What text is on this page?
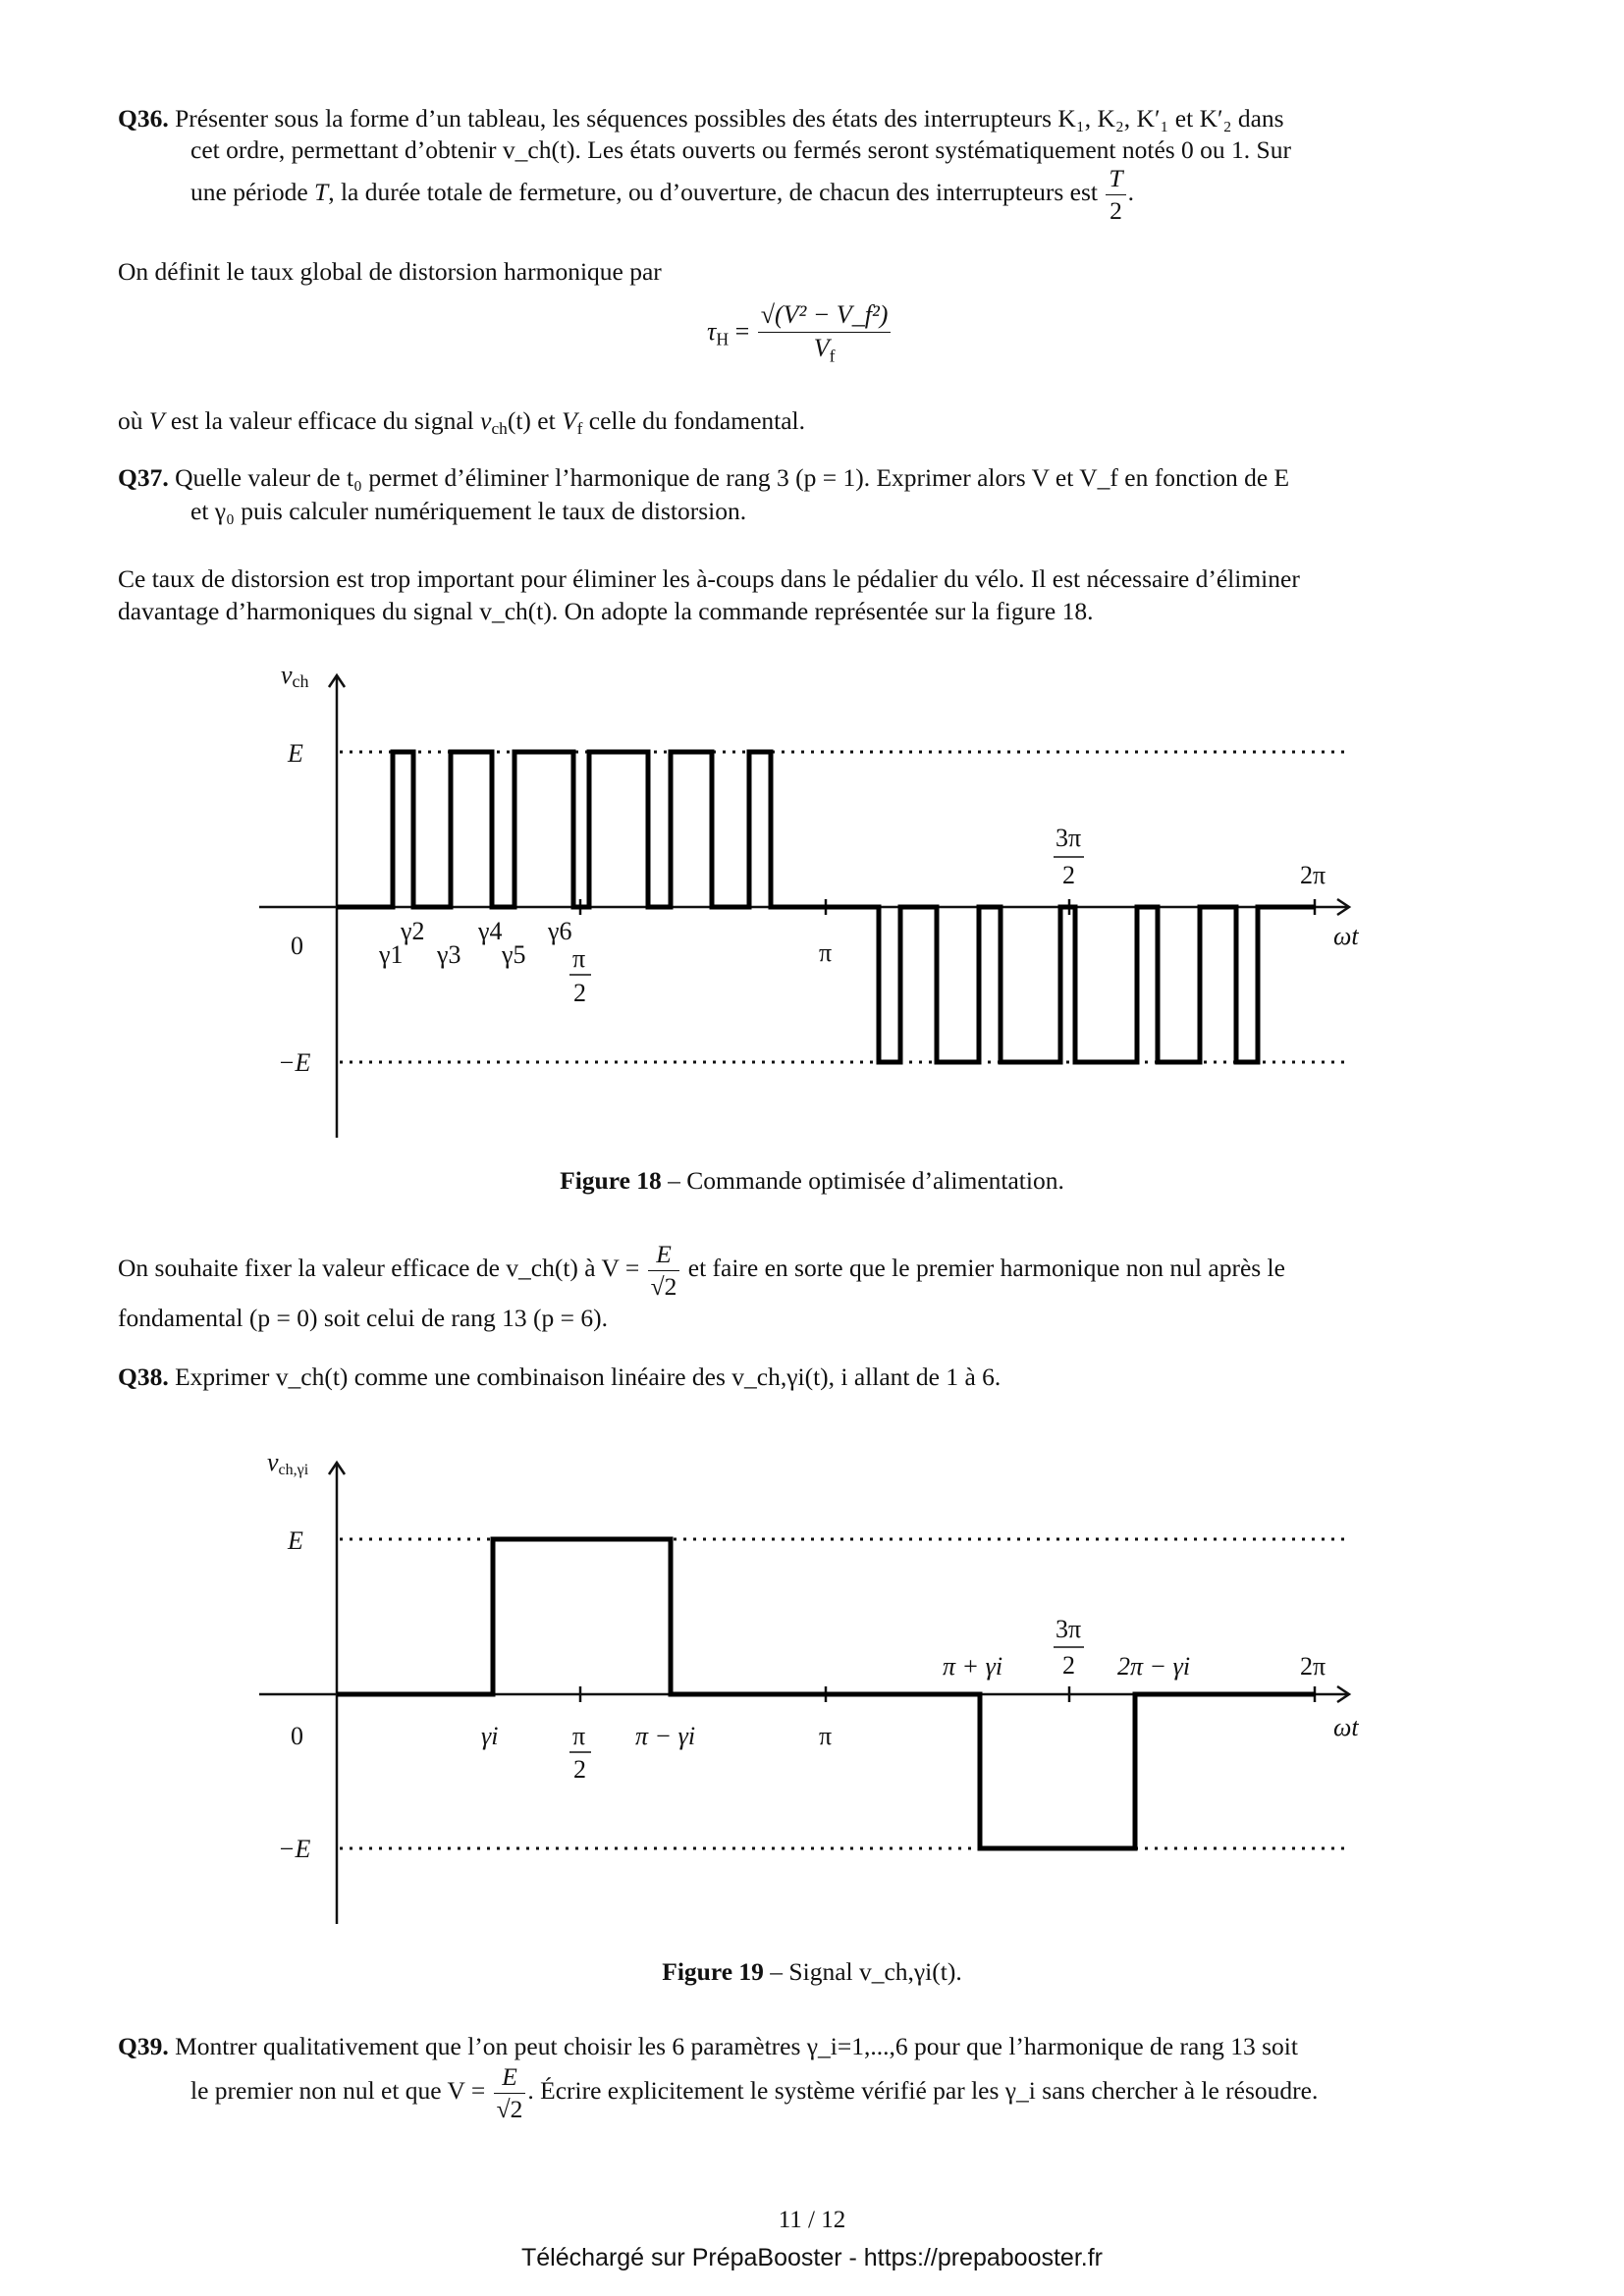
Q36. Présenter sous la forme d’un tableau, les séquences possibles des états des interrupteurs K₁, K₂, K′₁ et K′₂ dans
cet ordre, permettant d’obtenir v_ch(t). Les états ouverts ou fermés seront systématiquement notés 0 ou 1. Sur
une période T, la durée totale de fermeture, ou d’ouverture, de chacun des interrupteurs est $\frac{T}{2}$ .
On définit le taux global de distorsion harmonique par
$\tau_H = \frac{\text{√(V² − V\_f²)}}{V_f}$
où V est la valeur efficace du signal $v_{ch}(t)$ et $V_f$ celle du fondamental.
Q37. Quelle valeur de t₀ permet d’éliminer l’harmonique de rang 3 (p = 1). Exprimer alors V et V_f en fonction de E
et γ₀ puis calculer numériquement le taux de distorsion.
Ce taux de distorsion est trop important pour éliminer les à-coups dans le pédalier du vélo. Il est nécessaire d’éliminer
davantage d’harmoniques du signal v_ch(t). On adopte la commande représentée sur la figure 18.
vch
E
0
−E
γ1
γ2
γ3
γ4
γ5
γ6
π
2
π
3π
2	2π
ωt
Figure 18 – Commande optimisée d’alimentation.
On souhaite fixer la valeur efficace de v_ch(t) à $V = \frac{E}{√2}$ et faire en sorte que le premier harmonique non nul après le
fondamental (p = 0) soit celui de rang 13 (p = 6).
Q38. Exprimer v_ch(t) comme une combinaison linéaire des v_ch,γi(t), i allant de 1 à 6.
vch,γi
E
0
−E
γi	π
2
π − γi	π
π + γi
3π
2 2π − γi	2π
ωt
Figure 19 – Signal v_ch,γi(t).
Q39. Montrer qualitativement que l’on peut choisir les 6 paramètres γ_i=1,...,6 pour que l’harmonique de rang 13 soit
le premier non nul et que $V = \frac{E}{√2}$ . Écrire explicitement le système vérifié par les γ_i sans chercher à le résoudre.
11 / 12
Téléchargé sur PrépaBooster - https://prepabooster.fr
